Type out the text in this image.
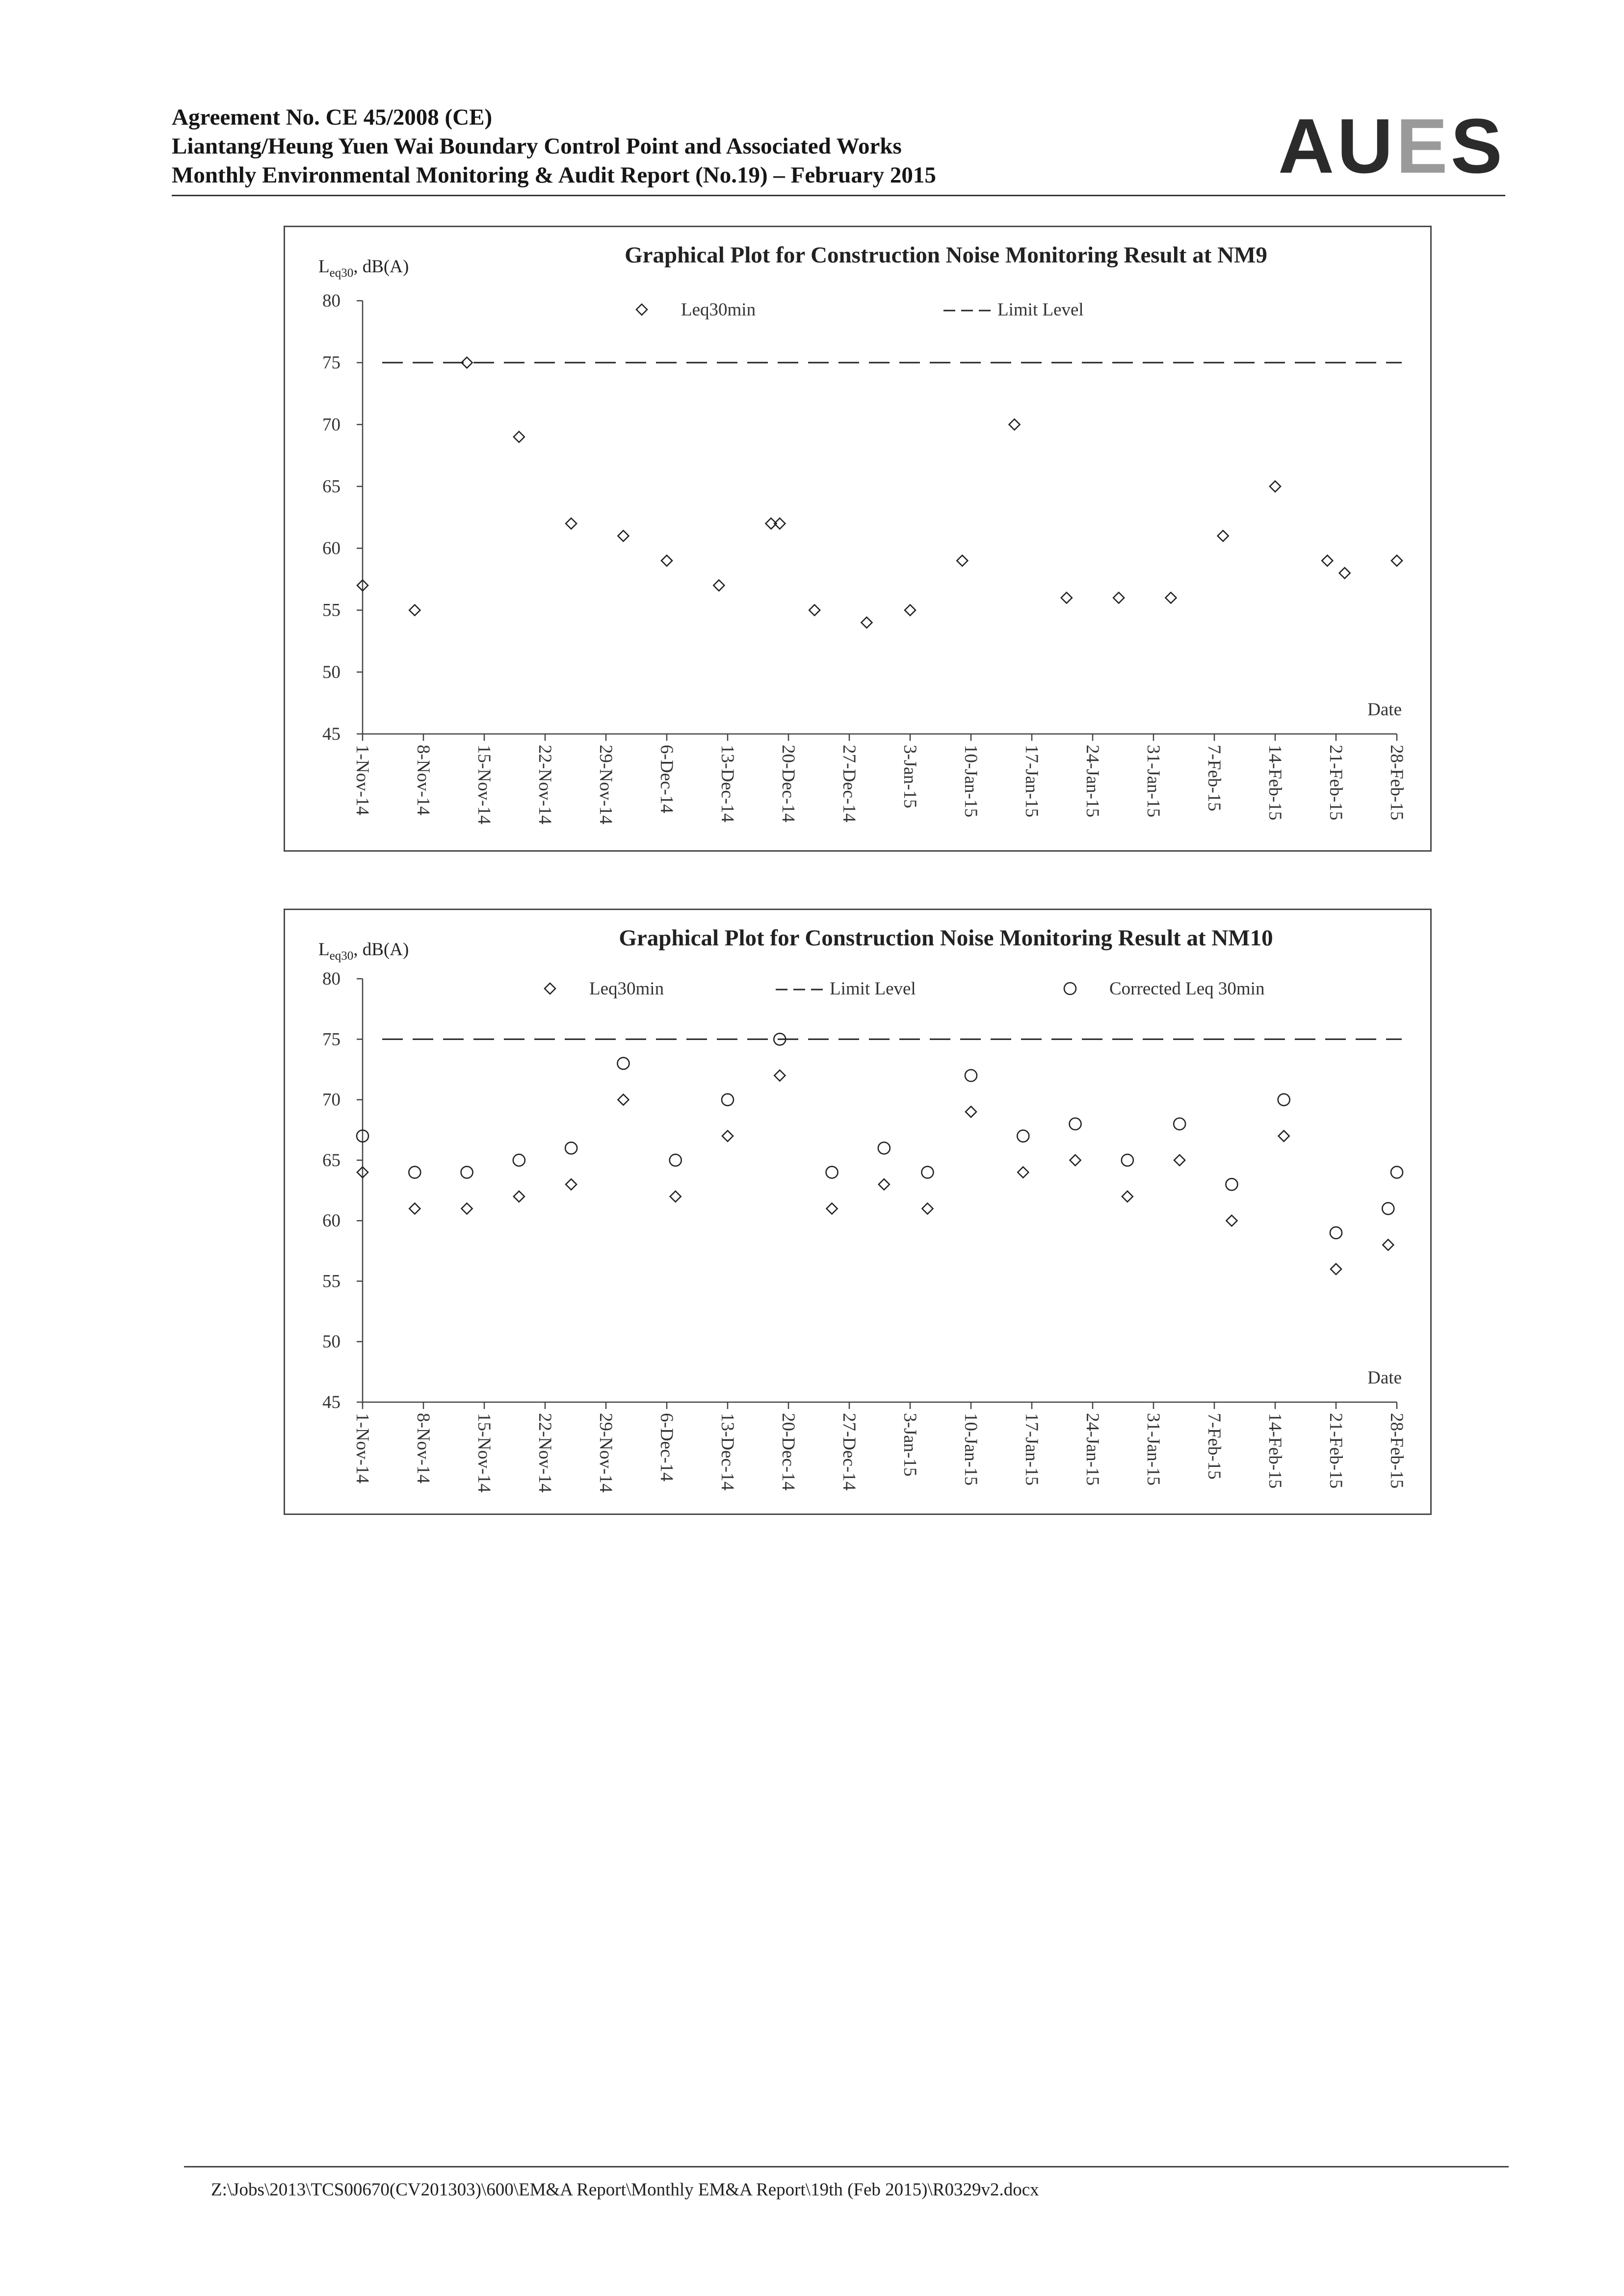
Agreement No. CE 45/2008 (CE)
Liantang/Heung Yuen Wai Boundary Control Point and Associated Works
Monthly Environmental Monitoring & Audit Report (No.19) – February 2015	AUES
Graphical Plot for Construction Noise Monitoring Result at NM9
$L_{eq30}$, dB(A)
45
50
55
60
65
70
75
80
1-Nov-14 8-Nov-14 15-Nov-14 22-Nov-14 29-Nov-14 6-Dec-14 13-Dec-14 20-Dec-14 27-Dec-14 3-Jan-15 10-Jan-15 17-Jan-15 24-Jan-15 31-Jan-15 7-Feb-15 14-Feb-15 21-Feb-15 28-Feb-15
Date
Leq30min	Limit Level
Graphical Plot for Construction Noise Monitoring Result at NM10
$L_{eq30}$, dB(A)
45
50
55
60
65
70
75
80
1-Nov-14 8-Nov-14 15-Nov-14 22-Nov-14 29-Nov-14 6-Dec-14 13-Dec-14 20-Dec-14 27-Dec-14 3-Jan-15 10-Jan-15 17-Jan-15 24-Jan-15 31-Jan-15 7-Feb-15 14-Feb-15 21-Feb-15 28-Feb-15
Date
Leq30min	Limit Level	Corrected Leq 30min
Z:\Jobs\2013\TCS00670(CV201303)\600\EM&A Report\Monthly EM&A Report\19th (Feb 2015)\R0329v2.docx
